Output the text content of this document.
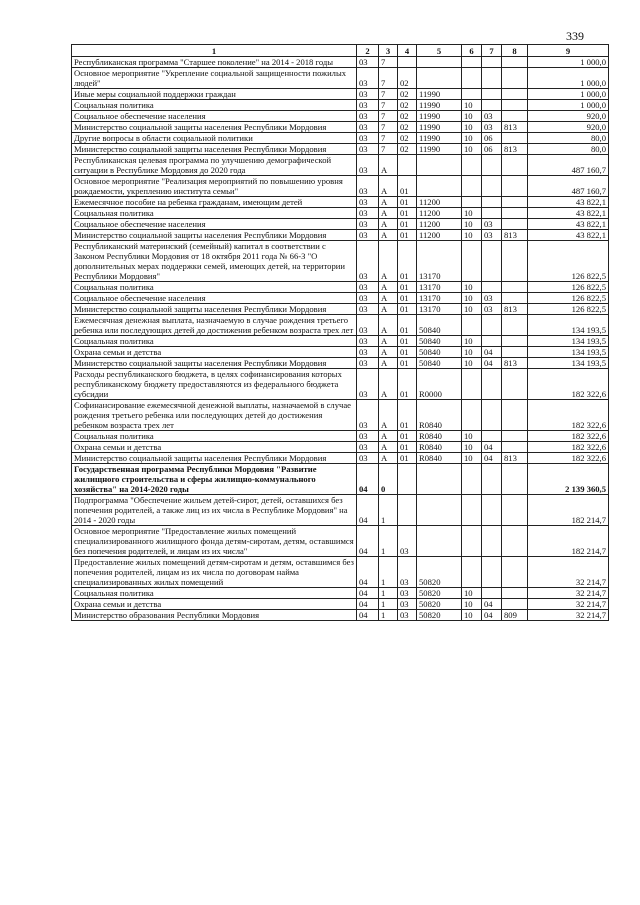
339
1	2	3	4	5	6	7	8	9
Республиканская программа "Старшее поколение" на 2014 - 2018 годы	03	7						1 000,0
Основное мероприятие "Укрепление социальной защищенности пожилых людей"	03	7	02					1 000,0
Иные меры социальной поддержки граждан	03	7	02	11990				1 000,0
Социальная политика	03	7	02	11990	10			1 000,0
Социальное обеспечение населения	03	7	02	11990	10	03		920,0
Министерство социальной защиты населения Республики Мордовия	03	7	02	11990	10	03	813	920,0
Другие вопросы в области социальной политики	03	7	02	11990	10	06		80,0
Министерство социальной защиты населения Республики Мордовия	03	7	02	11990	10	06	813	80,0
Республиканская целевая программа по улучшению демографической ситуации в Республике Мордовия до 2020 года	03	А						487 160,7
Основное мероприятие "Реализация мероприятий по повышению уровня рождаемости, укреплению института семьи"	03	А	01					487 160,7
Ежемесячное пособие на ребенка гражданам, имеющим детей	03	А	01	11200				43 822,1
Социальная политика	03	А	01	11200	10			43 822,1
Социальное обеспечение населения	03	А	01	11200	10	03		43 822,1
Министерство социальной защиты населения Республики Мордовия	03	А	01	11200	10	03	813	43 822,1
Республиканский материнский (семейный) капитал в соответствии с Законом Республики Мордовия от 18 октября 2011 года № 66-З "О дополнительных мерах поддержки семей, имеющих детей, на территории Республики Мордовия"	03	А	01	13170				126 822,5
Социальная политика	03	А	01	13170	10			126 822,5
Социальное обеспечение населения	03	А	01	13170	10	03		126 822,5
Министерство социальной защиты населения Республики Мордовия	03	А	01	13170	10	03	813	126 822,5
Ежемесячная денежная выплата, назначаемую в случае рождения третьего ребенка или последующих детей до достижения ребенком возраста трех лет	03	А	01	50840				134 193,5
Социальная политика	03	А	01	50840	10			134 193,5
Охрана семьи и детства	03	А	01	50840	10	04		134 193,5
Министерство социальной защиты населения Республики Мордовия	03	А	01	50840	10	04	813	134 193,5
Расходы республиканского бюджета, в целях софинансирования которых республиканскому бюджету предоставляются из федерального бюджета субсидии	03	А	01	R0000				182 322,6
Софинансирование ежемесячной денежной выплаты, назначаемой в случае рождения третьего ребенка или последующих детей до достижения ребенком возраста трех лет	03	А	01	R0840				182 322,6
Социальная политика	03	А	01	R0840	10			182 322,6
Охрана семьи и детства	03	А	01	R0840	10	04		182 322,6
Министерство социальной защиты населения Республики Мордовия	03	А	01	R0840	10	04	813	182 322,6
Государственная программа Республики Мордовия "Развитие жилищного строительства и сферы жилищно-коммунального хозяйства" на 2014-2020 годы	04	0						2 139 360,5
Подпрограмма "Обеспечение жильем детей-сирот, детей, оставшихся без попечения родителей, а также лиц из их числа в Республике Мордовия" на 2014 - 2020 годы	04	1						182 214,7
Основное мероприятие "Предоставление жилых помещений специализированного жилищного фонда детям-сиротам, детям, оставшимся без попечения родителей, и лицам из их числа"	04	1	03					182 214,7
Предоставление жилых помещений детям-сиротам и детям, оставшимся без попечения родителей, лицам из их числа по договорам найма специализированных жилых помещений	04	1	03	50820				32 214,7
Социальная политика	04	1	03	50820	10			32 214,7
Охрана семьи и детства	04	1	03	50820	10	04		32 214,7
Министерство образования Республики Мордовия	04	1	03	50820	10	04	809	32 214,7
